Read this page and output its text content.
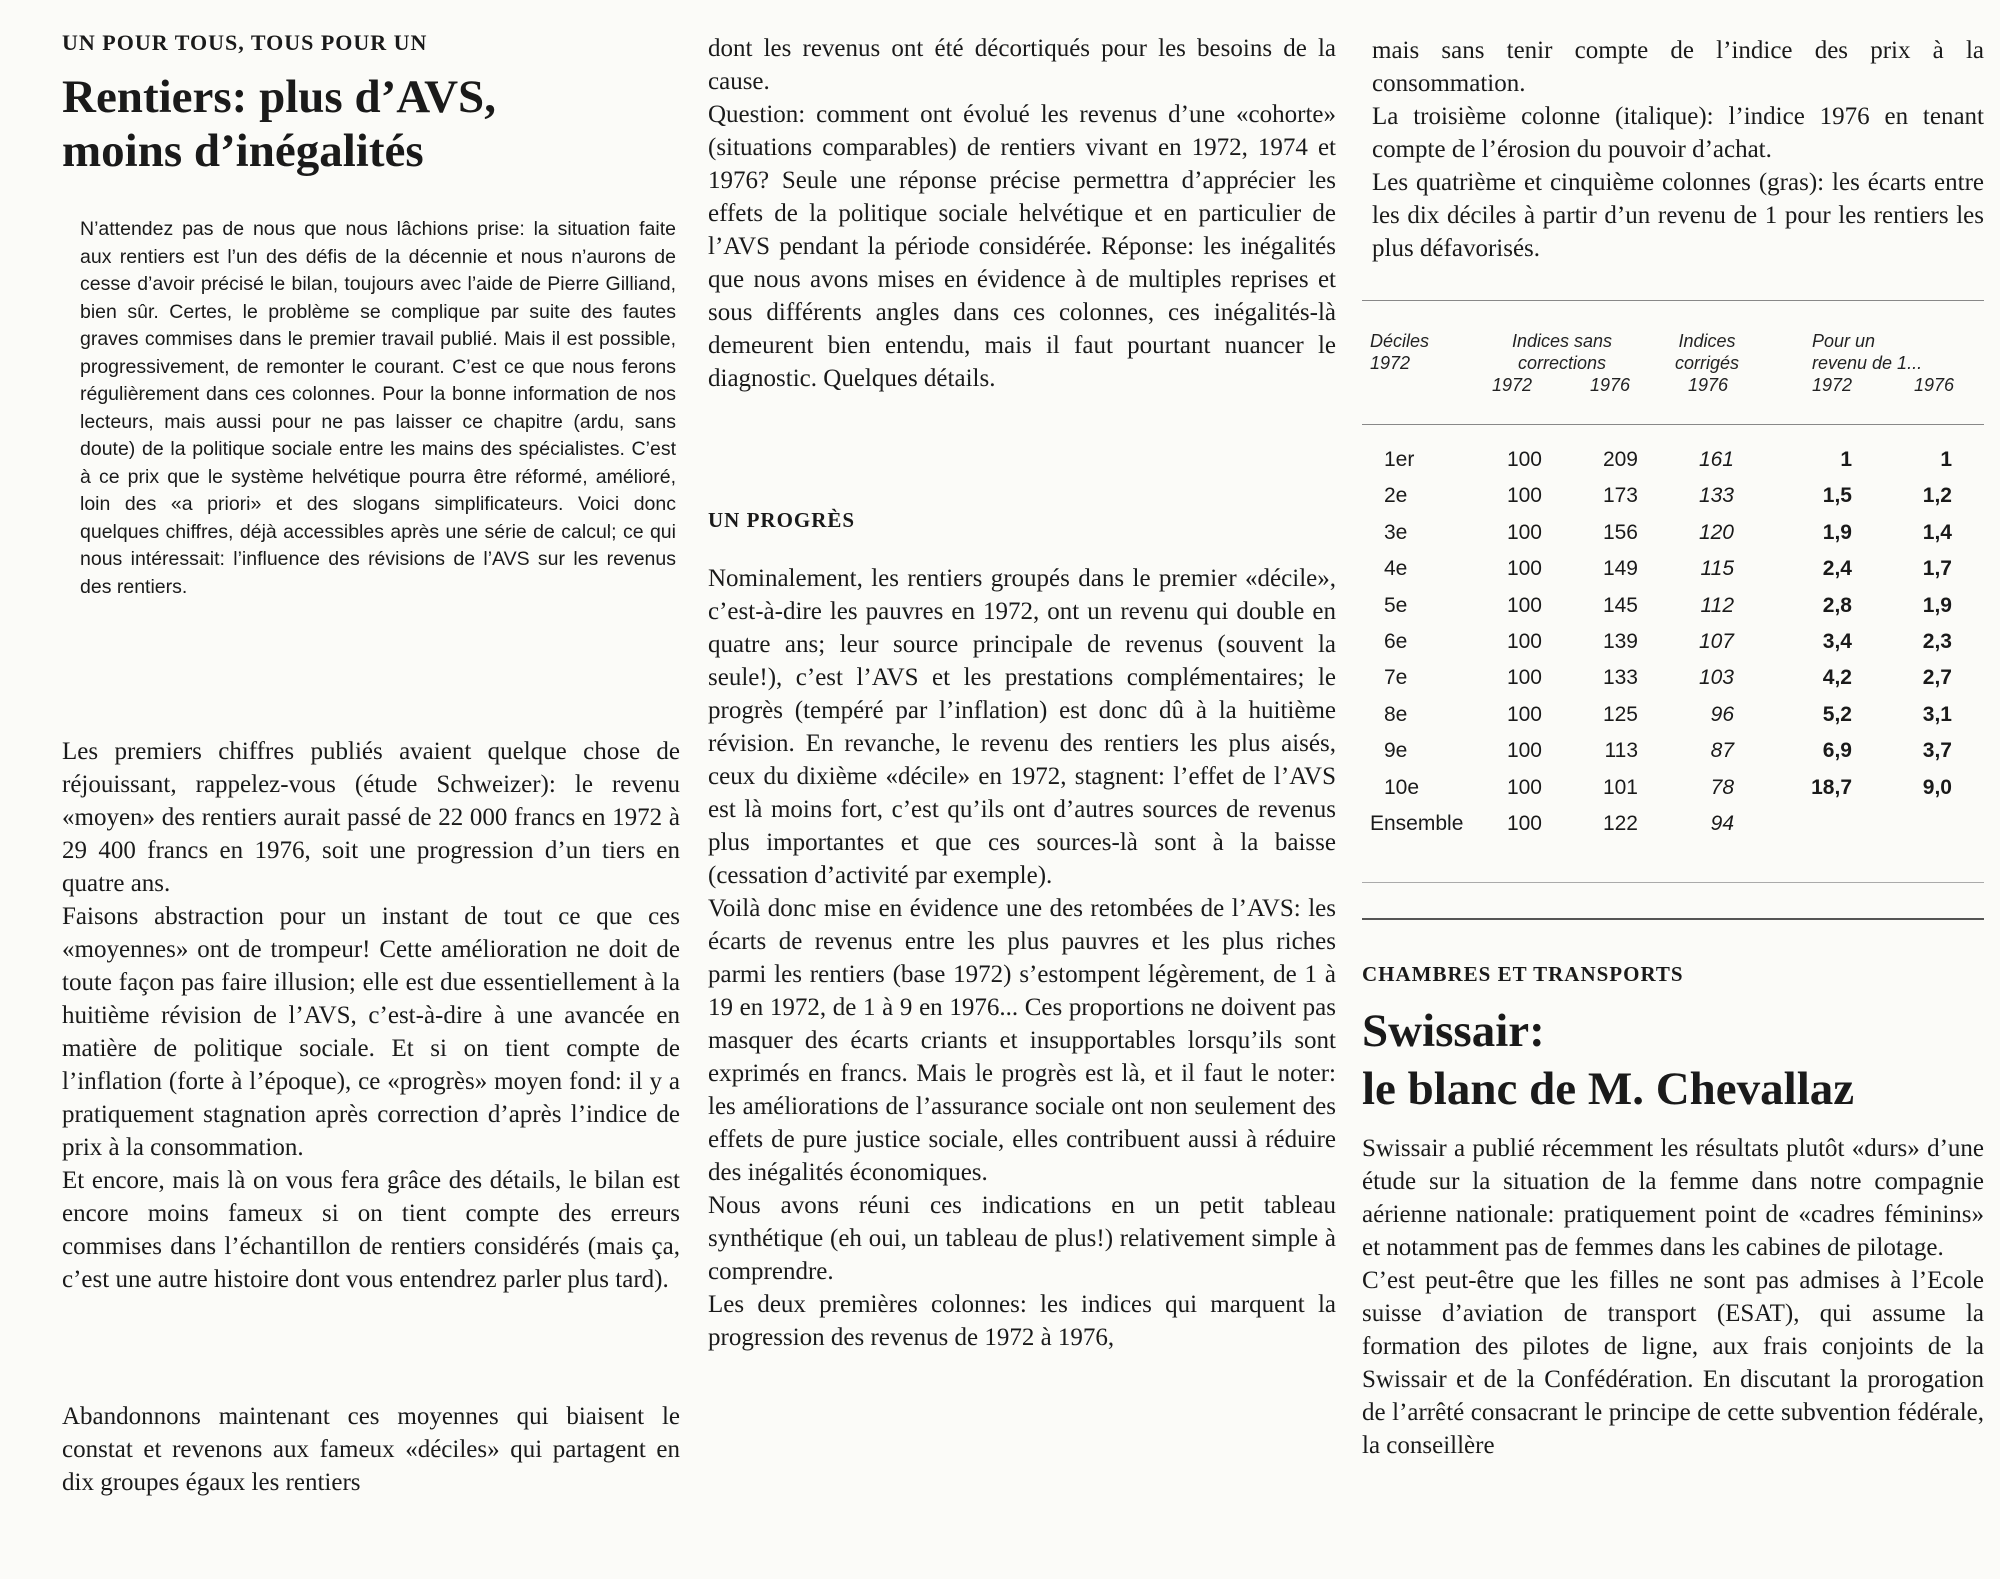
UN POUR TOUS, TOUS POUR UN

Rentiers: plus d’AVS,

moins d’inégalités

N’attendez pas de nous que nous lâchions prise: la situation faite aux rentiers est l’un des défis de la décennie et nous n’aurons de cesse d’avoir précisé le bilan, toujours avec l’aide de Pierre Gilliand, bien sûr. Certes, le problème se complique par suite des fautes graves commises dans le premier travail publié. Mais il est possible, progressivement, de remonter le courant. C’est ce que nous ferons régulièrement dans ces colonnes. Pour la bonne information de nos lecteurs, mais aussi pour ne pas laisser ce chapitre (ardu, sans doute) de la politique sociale entre les mains des spécialistes. C’est à ce prix que le système helvétique pourra être réformé, amélioré, loin des «a priori» et des slogans simplificateurs. Voici donc quelques chiffres, déjà accessibles après une série de calcul; ce qui nous intéressait: l’influence des révisions de l’AVS sur les revenus des rentiers.

Les premiers chiffres publiés avaient quelque chose de réjouissant, rappelez-vous (étude Schweizer): le revenu «moyen» des rentiers aurait passé de 22 000 francs en 1972 à 29 400 francs en 1976, soit une progression d’un tiers en quatre ans.

Faisons abstraction pour un instant de tout ce que ces «moyennes» ont de trompeur! Cette amélioration ne doit de toute façon pas faire illusion; elle est due essentiellement à la huitième révision de l’AVS, c’est-à-dire à une avancée en matière de politique sociale. Et si on tient compte de l’inflation (forte à l’époque), ce «progrès» moyen fond: il y a pratiquement stagnation après correction d’après l’indice de prix à la consommation.

Et encore, mais là on vous fera grâce des détails, le bilan est encore moins fameux si on tient compte des erreurs commises dans l’échantillon de rentiers considérés (mais ça, c’est une autre histoire dont vous entendrez parler plus tard).

Abandonnons maintenant ces moyennes qui biaisent le constat et revenons aux fameux «déciles» qui partagent en dix groupes égaux les rentiers

dont les revenus ont été décortiqués pour les besoins de la cause.

Question: comment ont évolué les revenus d’une «cohorte» (situations comparables) de rentiers vivant en 1972, 1974 et 1976? Seule une réponse précise permettra d’apprécier les effets de la politique sociale helvétique et en particulier de l’AVS pendant la période considérée. Réponse: les inégalités que nous avons mises en évidence à de multiples reprises et sous différents angles dans ces colonnes, ces inégalités-là demeurent bien entendu, mais il faut pourtant nuancer le diagnostic. Quelques détails.

UN PROGRÈS

Nominalement, les rentiers groupés dans le premier «décile», c’est-à-dire les pauvres en 1972, ont un revenu qui double en quatre ans; leur source principale de revenus (souvent la seule!), c’est l’AVS et les prestations complémentaires; le progrès (tempéré par l’inflation) est donc dû à la huitième révision. En revanche, le revenu des rentiers les plus aisés, ceux du dixième «décile» en 1972, stagnent: l’effet de l’AVS est là moins fort, c’est qu’ils ont d’autres sources de revenus plus importantes et que ces sources-là sont à la baisse (cessation d’activité par exemple).

Voilà donc mise en évidence une des retombées de l’AVS: les écarts de revenus entre les plus pauvres et les plus riches parmi les rentiers (base 1972) s’estompent légèrement, de 1 à 19 en 1972, de 1 à 9 en 1976... Ces proportions ne doivent pas masquer des écarts criants et insupportables lorsqu’ils sont exprimés en francs. Mais le progrès est là, et il faut le noter: les améliorations de l’assurance sociale ont non seulement des effets de pure justice sociale, elles contribuent aussi à réduire des inégalités économiques.

Nous avons réuni ces indications en un petit tableau synthétique (eh oui, un tableau de plus!) relativement simple à comprendre.

Les deux premières colonnes: les indices qui marquent la progression des revenus de 1972 à 1976,

mais sans tenir compte de l’indice des prix à la consommation.

La troisième colonne (italique): l’indice 1976 en tenant compte de l’érosion du pouvoir d’achat.

Les quatrième et cinquième colonnes (gras): les écarts entre les dix déciles à partir d’un revenu de 1 pour les rentiers les plus défavorisés.

Déciles
1972
Indices sans
corrections
Indices
corrigés
Pour un
revenu de 1...
1972	1976	1976	1972	1976
1er	100	209	161	1	1
2e	100	173	133	1,5	1,2
3e	100	156	120	1,9	1,4
4e	100	149	115	2,4	1,7
5e	100	145	112	2,8	1,9
6e	100	139	107	3,4	2,3
7e	100	133	103	4,2	2,7
8e	100	125	96	5,2	3,1
9e	100	113	87	6,9	3,7
10e	100	101	78	18,7	9,0
Ensemble	100	122	94

CHAMBRES ET TRANSPORTS

Swissair:

le blanc de M. Chevallaz

Swissair a publié récemment les résultats plutôt «durs» d’une étude sur la situation de la femme dans notre compagnie aérienne nationale: pratiquement point de «cadres féminins» et notamment pas de femmes dans les cabines de pilotage.

C’est peut-être que les filles ne sont pas admises à l’Ecole suisse d’aviation de transport (ESAT), qui assume la formation des pilotes de ligne, aux frais conjoints de la Swissair et de la Confédération. En discutant la prorogation de l’arrêté consacrant le principe de cette subvention fédérale, la conseillère
